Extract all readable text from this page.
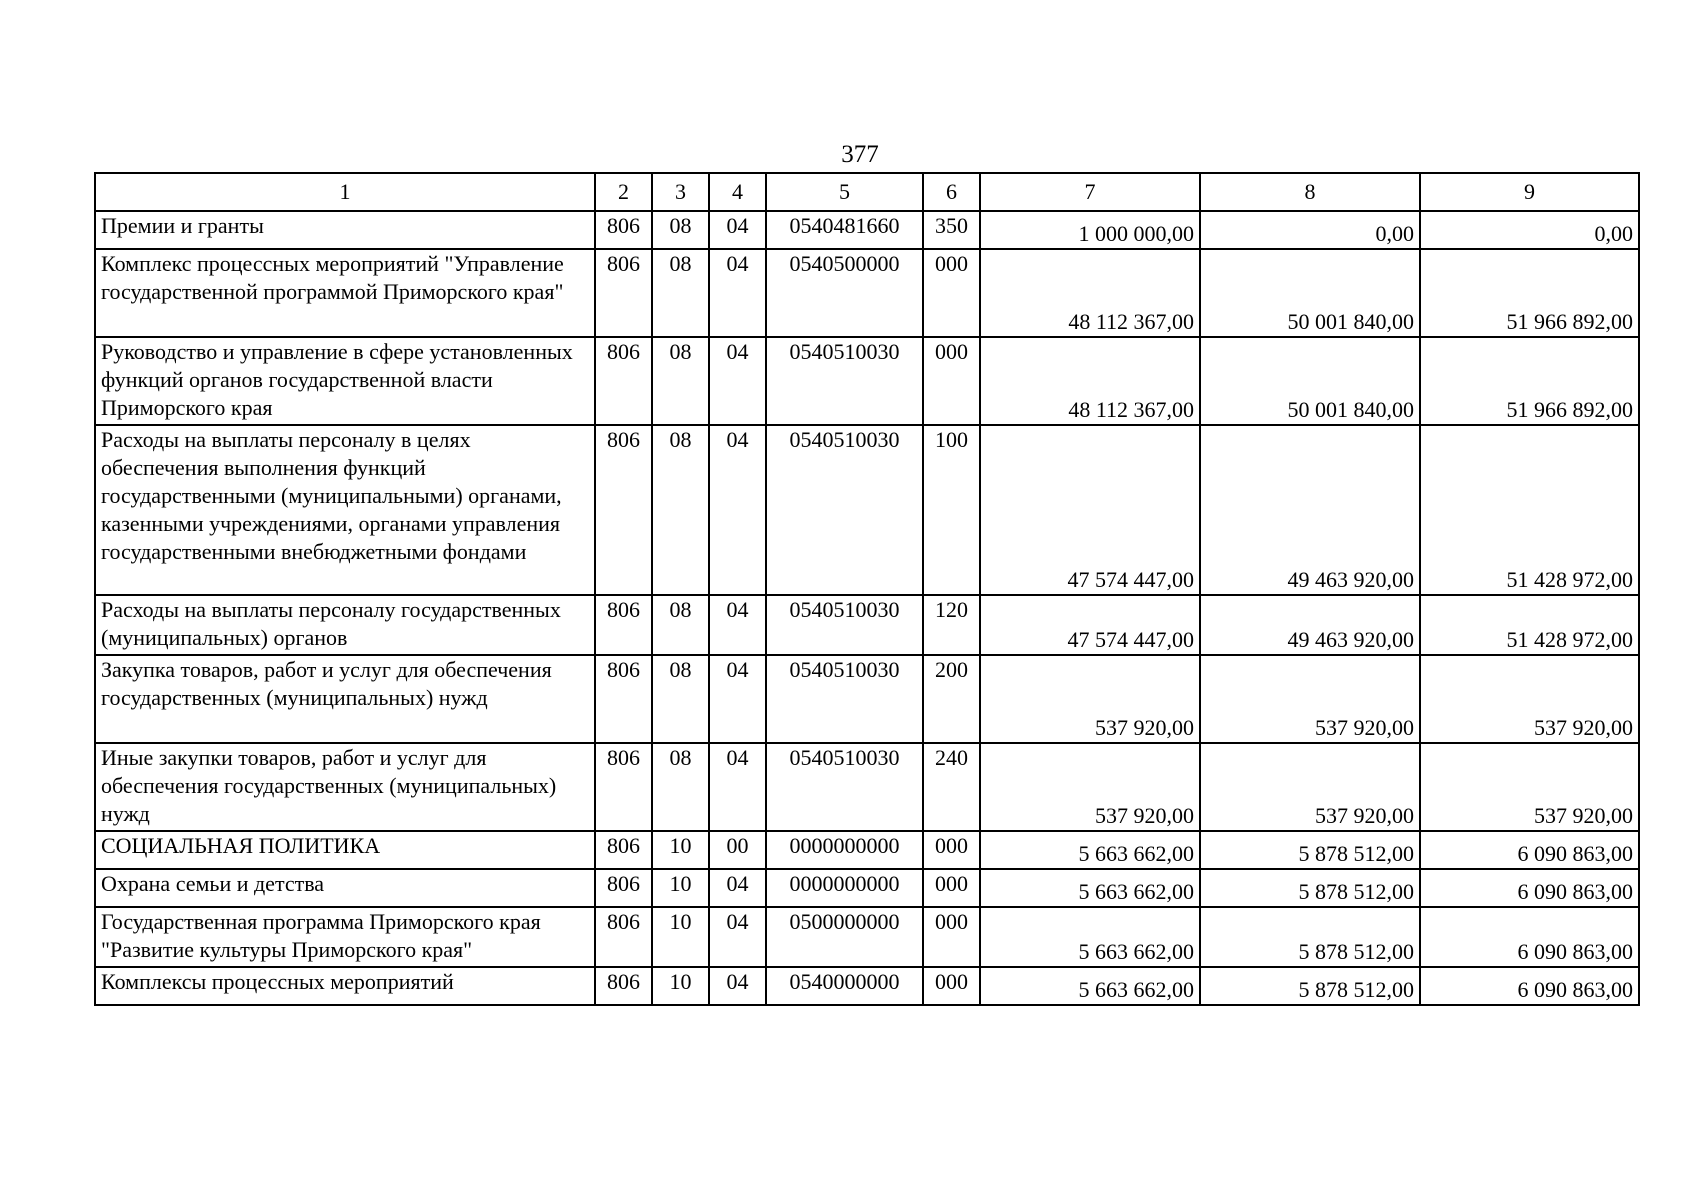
377
1	2	3	4	5	6	7	8	9
Премии и гранты	806	08	04	0540481660	350	1 000 000,00	0,00	0,00
Комплекс процессных мероприятий "Управление государственной программой Приморского края"	806	08	04	0540500000	000	48 112 367,00	50 001 840,00	51 966 892,00
Руководство и управление в сфере установленных функций органов государственной власти Приморского края	806	08	04	0540510030	000	48 112 367,00	50 001 840,00	51 966 892,00
Расходы на выплаты персоналу в целях обеспечения выполнения функций государственными (муниципальными) органами, казенными учреждениями, органами управления государственными внебюджетными фондами	806	08	04	0540510030	100	47 574 447,00	49 463 920,00	51 428 972,00
Расходы на выплаты персоналу государственных (муниципальных) органов	806	08	04	0540510030	120	47 574 447,00	49 463 920,00	51 428 972,00
Закупка товаров, работ и услуг для обеспечения государственных (муниципальных) нужд	806	08	04	0540510030	200	537 920,00	537 920,00	537 920,00
Иные закупки товаров, работ и услуг для обеспечения государственных (муниципальных) нужд	806	08	04	0540510030	240	537 920,00	537 920,00	537 920,00
СОЦИАЛЬНАЯ ПОЛИТИКА	806	10	00	0000000000	000	5 663 662,00	5 878 512,00	6 090 863,00
Охрана семьи и детства	806	10	04	0000000000	000	5 663 662,00	5 878 512,00	6 090 863,00
Государственная программа Приморского края "Развитие культуры Приморского края"	806	10	04	0500000000	000	5 663 662,00	5 878 512,00	6 090 863,00
Комплексы процессных мероприятий	806	10	04	0540000000	000	5 663 662,00	5 878 512,00	6 090 863,00
